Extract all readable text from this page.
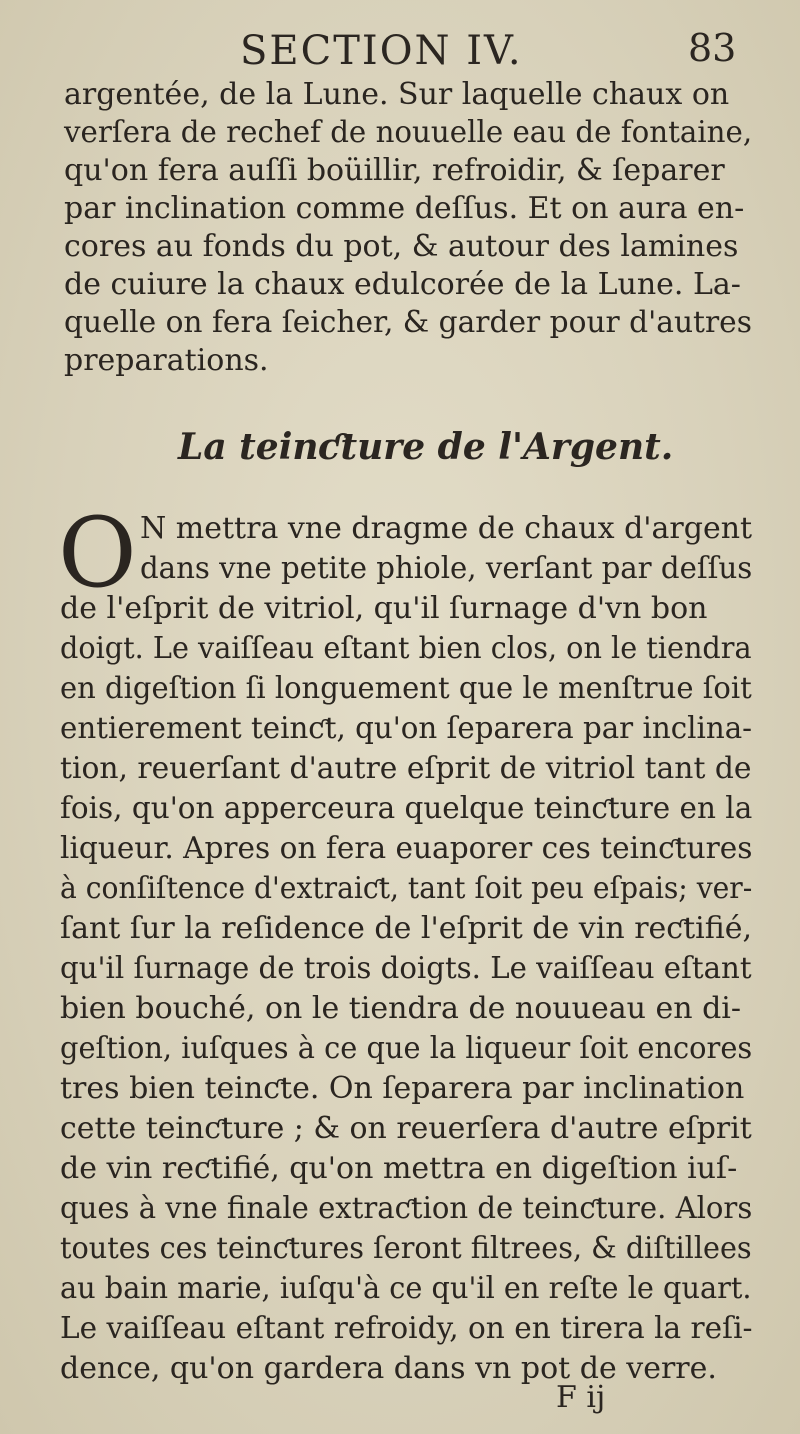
SECTION IV.	83
argentée, de la Lune. Sur laquelle chaux on
verſera de rechef de nouuelle eau de fontaine,
qu'on fera auſſi boüillir, refroidir, & ſeparer
par inclination comme deſſus. Et on aura en-
cores au fonds du pot, & autour des lamines
de cuiure la chaux edulcorée de la Lune. La-
quelle on fera ſeicher, & garder pour d'autres
preparations.
La teinƈture de l'Argent.
O N mettra vne dragme de chaux d'argent
dans vne petite phiole, verſant par deſſus
de l'eſprit de vitriol, qu'il ſurnage d'vn bon
doigt. Le vaiſſeau eſtant bien clos, on le tiendra
en digeſtion ſi longuement que le menſtrue ſoit
entierement teinƈt, qu'on ſeparera par inclina-
tion, reuerſant d'autre eſprit de vitriol tant de
fois, qu'on apperceura quelque teinƈture en la
liqueur. Apres on fera euaporer ces teinƈtures
à conſiſtence d'extraiƈt, tant ſoit peu eſpais; ver-
ſant ſur la reſidence de l'eſprit de vin reƈtifié,
qu'il ſurnage de trois doigts. Le vaiſſeau eſtant
bien bouché, on le tiendra de nouueau en di-
geſtion, iuſques à ce que la liqueur ſoit encores
tres bien teinƈte. On ſeparera par inclination
cette teinƈture ; & on reuerſera d'autre eſprit
de vin reƈtifié, qu'on mettra en digeſtion iuſ-
ques à vne finale extraƈtion de teinƈture. Alors
toutes ces teinƈtures ſeront filtrees, & diſtillees
au bain marie, iuſqu'à ce qu'il en reſte le quart.
Le vaiſſeau eſtant refroidy, on en tirera la reſi-
dence, qu'on gardera dans vn pot de verre.
F ij
